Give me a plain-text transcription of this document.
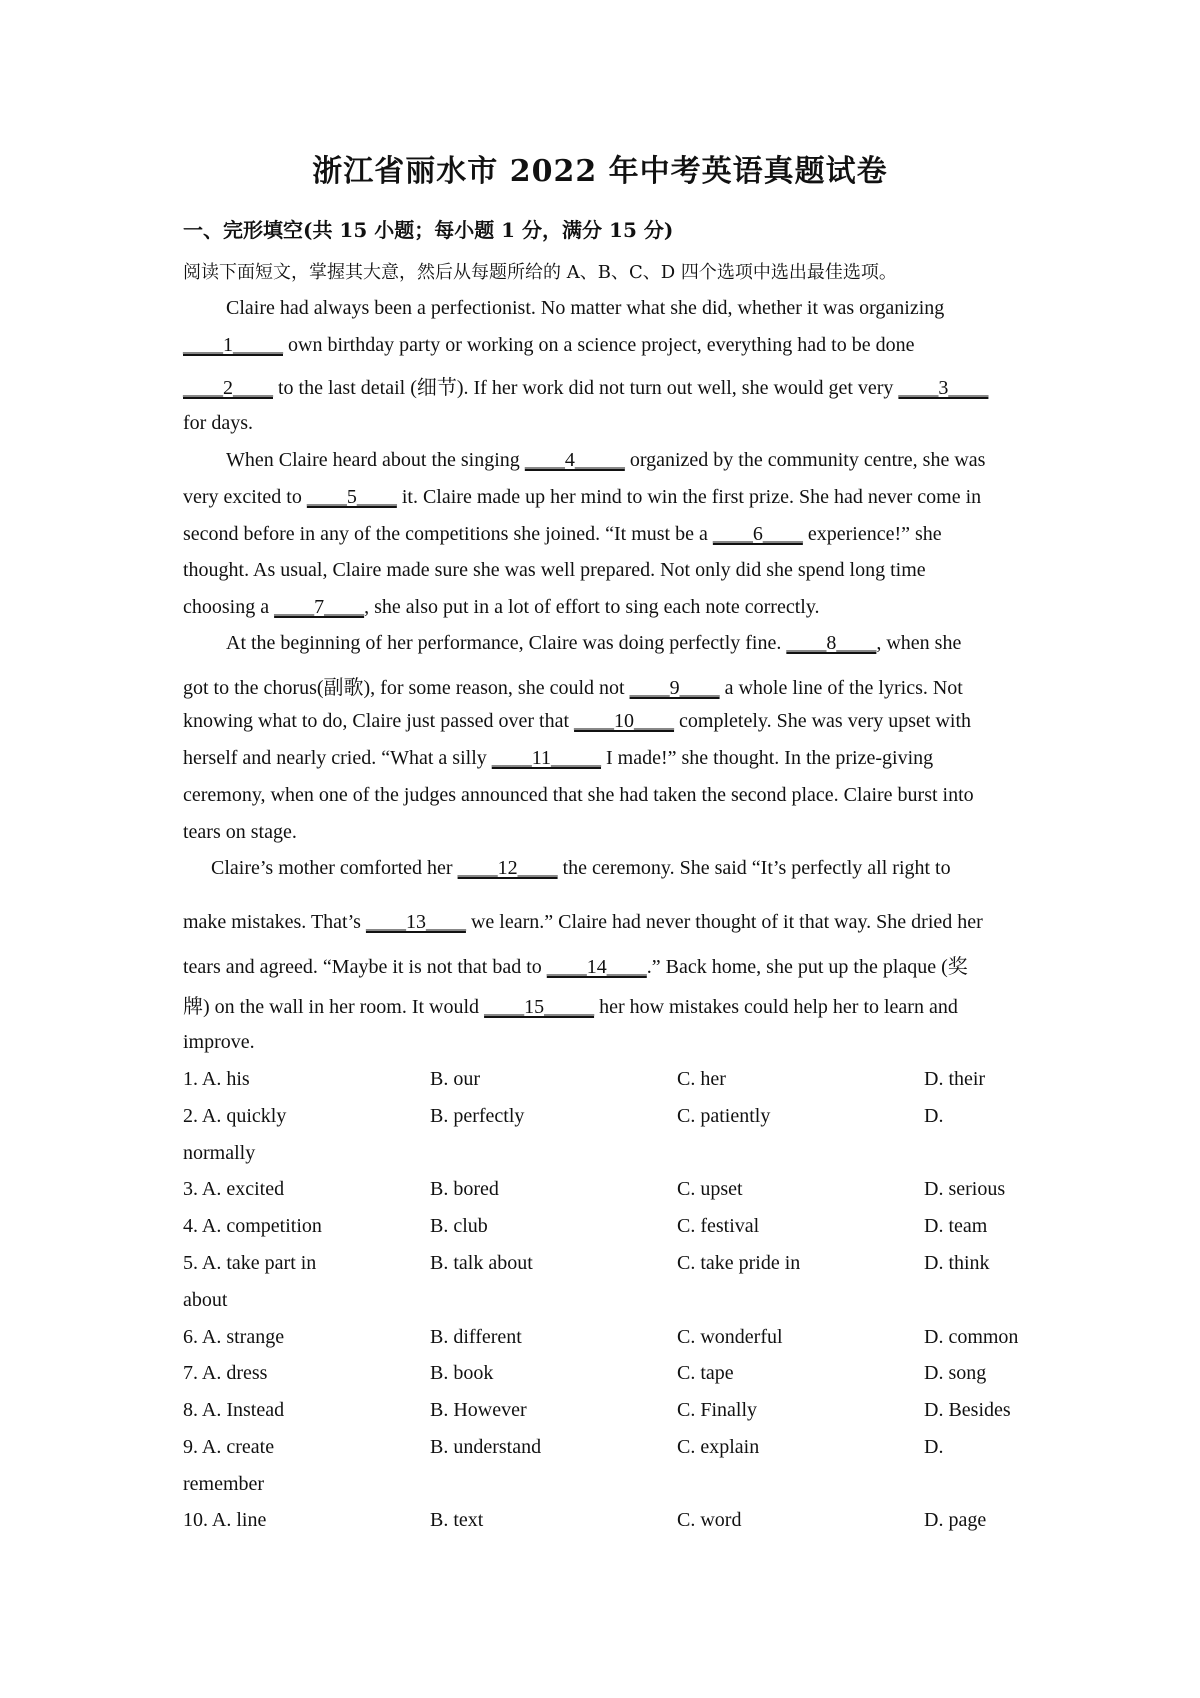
浙江省丽水市 2022 年中考英语真题试卷
一、完形填空(共 15 小题；每小题 1 分，满分 15 分)
阅读下面短文，掌握其大意，然后从每题所给的 A、B、C、D 四个选项中选出最佳选项。
Claire had always been a perfectionist. No matter what she did, whether it was organizing
____1_____ own birthday party or working on a science project, everything had to be done
____2____ to the last detail (细节). If her work did not turn out well, she would get very ____3____
for days.
When Claire heard about the singing ____4_____ organized by the community centre, she was
very excited to ____5____ it. Claire made up her mind to win the first prize. She had never come in
second before in any of the competitions she joined. “It must be a ____6____ experience!” she
thought. As usual, Claire made sure she was well prepared. Not only did she spend long time
choosing a ____7____, she also put in a lot of effort to sing each note correctly.
At the beginning of her performance, Claire was doing perfectly fine. ____8____, when she
got to the chorus(副歌), for some reason, she could not ____9____ a whole line of the lyrics. Not
knowing what to do, Claire just passed over that ____10____ completely. She was very upset with
herself and nearly cried. “What a silly ____11_____ I made!” she thought. In the prize-giving
ceremony, when one of the judges announced that she had taken the second place. Claire burst into
tears on stage.
Claire’s mother comforted her ____12____ the ceremony. She said “It’s perfectly all right to
make mistakes. That’s ____13____ we learn.” Claire had never thought of it that way. She dried her
tears and agreed. “Maybe it is not that bad to ____14____.” Back home, she put up the plaque (奖
牌) on the wall in her room. It would ____15_____ her how mistakes could help her to learn and
improve.
1. A. his	B. our	C. her	D. their
2. A. quickly	B. perfectly	C. patiently	D.
normally
3. A. excited	B. bored	C. upset	D. serious
4. A. competition	B. club	C. festival	D. team
5. A. take part in	B. talk about	C. take pride in	D. think
about
6. A. strange	B. different	C. wonderful	D. common
7. A. dress	B. book	C. tape	D. song
8. A. Instead	B. However	C. Finally	D. Besides
9. A. create	B. understand	C. explain	D.
remember
10. A. line	B. text	C. word	D. page
